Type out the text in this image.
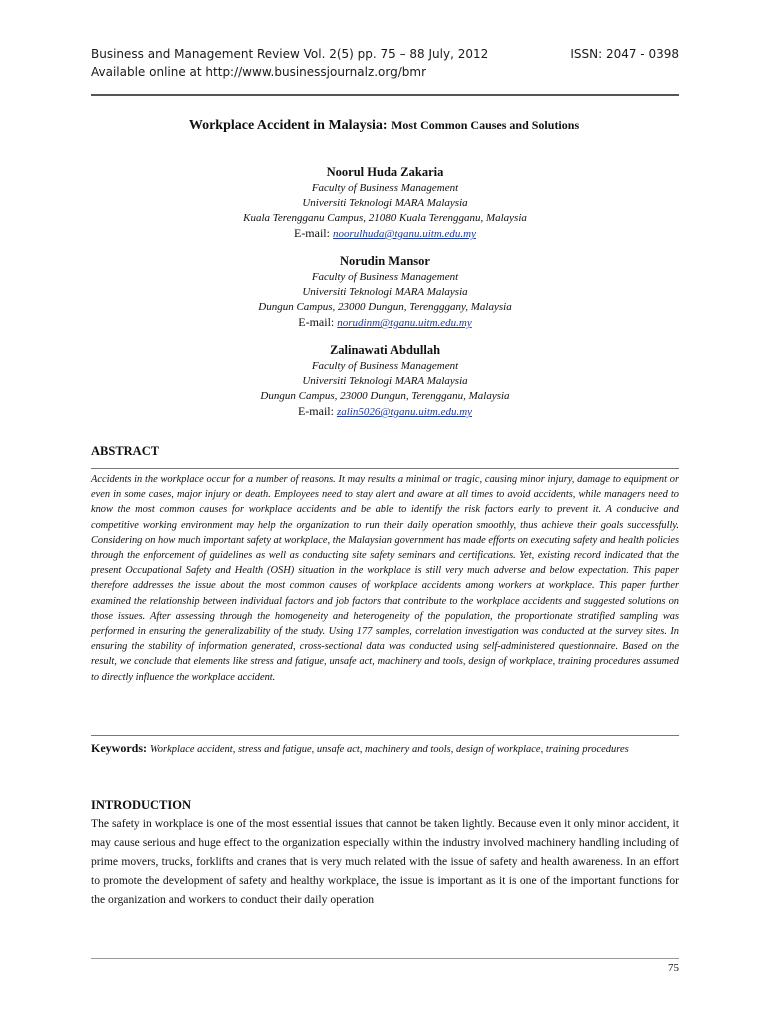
Business and Management Review Vol. 2(5) pp. 75 – 88 July, 2012	ISSN: 2047 - 0398
Available online at http://www.businessjournalz.org/bmr
Workplace Accident in Malaysia: Most Common Causes and Solutions
Noorul Huda Zakaria
Faculty of Business Management
Universiti Teknologi MARA Malaysia
Kuala Terengganu Campus, 21080 Kuala Terengganu, Malaysia
E-mail: noorulhuda@tganu.uitm.edu.my
Norudin Mansor
Faculty of Business Management
Universiti Teknologi MARA Malaysia
Dungun Campus, 23000 Dungun, Terengggany, Malaysia
E-mail: norudinm@tganu.uitm.edu.my
Zalinawati Abdullah
Faculty of Business Management
Universiti Teknologi MARA Malaysia
Dungun Campus, 23000 Dungun, Terengganu, Malaysia
E-mail: zalin5026@tganu.uitm.edu.my
ABSTRACT
Accidents in the workplace occur for a number of reasons. It may results a minimal or tragic, causing minor injury, damage to equipment or even in some cases, major injury or death. Employees need to stay alert and aware at all times to avoid accidents, while managers need to know the most common causes for workplace accidents and be able to identify the risk factors early to prevent it. A conducive and competitive working environment may help the organization to run their daily operation smoothly, thus achieve their goals successfully. Considering on how much important safety at workplace, the Malaysian government has made efforts on executing safety and health policies through the enforcement of guidelines as well as conducting site safety seminars and certifications. Yet, existing record indicated that the present Occupational Safety and Health (OSH) situation in the workplace is still very much adverse and below expectation. This paper therefore addresses the issue about the most common causes of workplace accidents among workers at workplace. This paper further examined the relationship between individual factors and job factors that contribute to the workplace accidents and suggested solutions on those issues. After assessing through the homogeneity and heterogeneity of the population, the proportionate stratified sampling was performed in ensuring the generalizability of the study. Using 177 samples, correlation investigation was conducted at the survey sites. In ensuring the stability of information generated, cross-sectional data was conducted using self-administered questionnaire. Based on the result, we conclude that elements like stress and fatigue, unsafe act, machinery and tools, design of workplace, training procedures assumed to directly influence the workplace accident.
Keywords: Workplace accident, stress and fatigue, unsafe act, machinery and tools, design of workplace, training procedures
INTRODUCTION
The safety in workplace is one of the most essential issues that cannot be taken lightly. Because even it only minor accident, it may cause serious and huge effect to the organization especially within the industry involved machinery handling including of prime movers, trucks, forklifts and cranes that is very much related with the issue of safety and health awareness. In an effort to promote the development of safety and healthy workplace, the issue is important as it is one of the important functions for the organization and workers to conduct their daily operation
75
